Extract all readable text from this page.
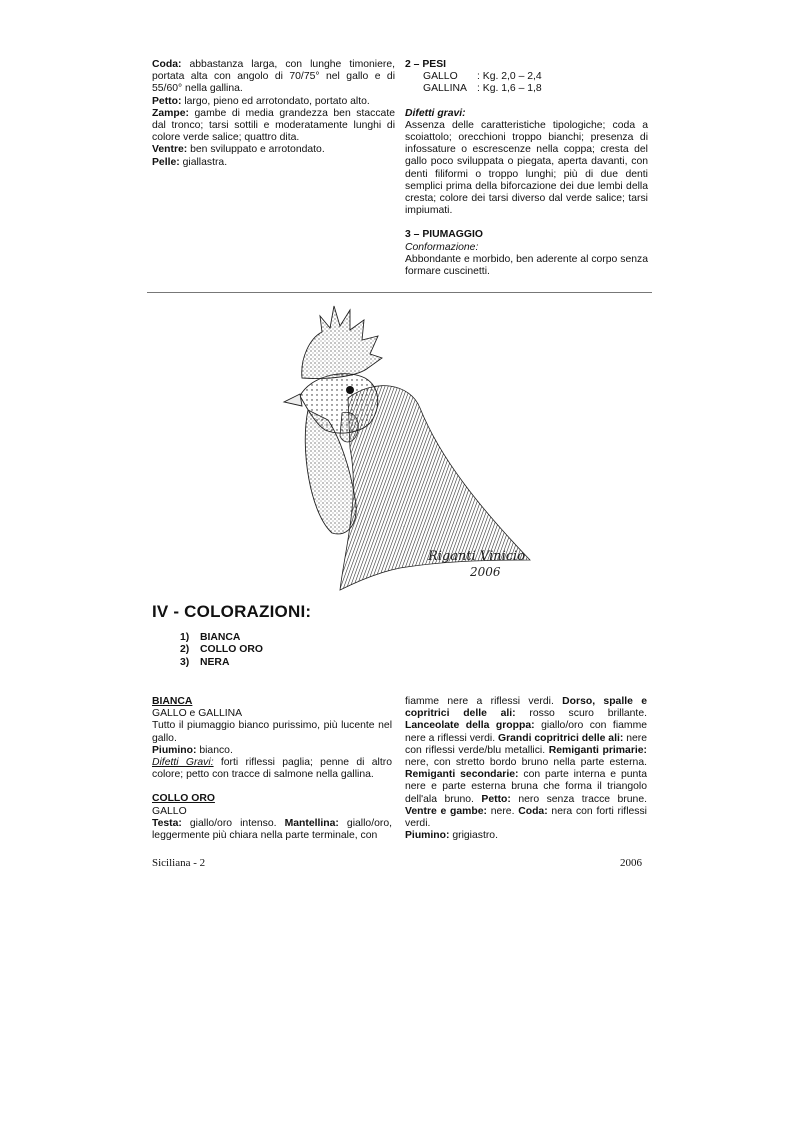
Coda: abbastanza larga, con lunghe timoniere, portata alta con angolo di 70/75° nel gallo e di 55/60° nella gallina.

Petto: largo, pieno ed arrotondato, portato alto.

Zampe: gambe di media grandezza ben staccate dal tronco; tarsi sottili e moderatamente lunghi di colore verde salice; quattro dita.

Ventre: ben sviluppato e arrotondato.

Pelle: giallastra.

2 – PESI

GALLO	: Kg. 2,0 – 2,4
GALLINA : Kg. 1,6 – 1,8

Difetti gravi:

Assenza delle caratteristiche tipologiche; coda a scoiattolo; orecchioni troppo bianchi; presenza di infossature o escrescenze nella coppa; cresta del gallo poco sviluppata o piegata, aperta davanti, con denti filiformi o troppo lunghi; più di due denti semplici prima della biforcazione dei due lembi della cresta; colore dei tarsi diverso dal verde salice; tarsi impiumati.

3 – PIUMAGGIO

Conformazione:

Abbondante e morbido, ben aderente al corpo senza formare cuscinetti.

Riganti Vinicio
2006
IV - COLORAZIONI:
1) BIANCA
2) COLLO ORO
3) NERA

BIANCA

GALLO e GALLINA

Tutto il piumaggio bianco purissimo, più lucente nel gallo.

Piumino: bianco.

Difetti Gravi: forti riflessi paglia; penne di altro colore; petto con tracce di salmone nella gallina.

COLLO ORO

GALLO

Testa: giallo/oro intenso. Mantellina: giallo/oro, leggermente più chiara nella parte terminale, con

fiamme nere a riflessi verdi. Dorso, spalle e copritrici delle ali: rosso scuro brillante. Lanceolate della groppa: giallo/oro con fiamme nere a riflessi verdi. Grandi copritrici delle ali: nere con riflessi verde/blu metallici. Remiganti primarie: nere, con stretto bordo bruno nella parte esterna. Remiganti secondarie: con parte interna e punta nere e parte esterna bruna che forma il triangolo dell'ala bruno. Petto: nero senza tracce brune. Ventre e gambe: nere. Coda: nera con forti riflessi verdi.

Piumino: grigiastro.

Siciliana - 2	2006
